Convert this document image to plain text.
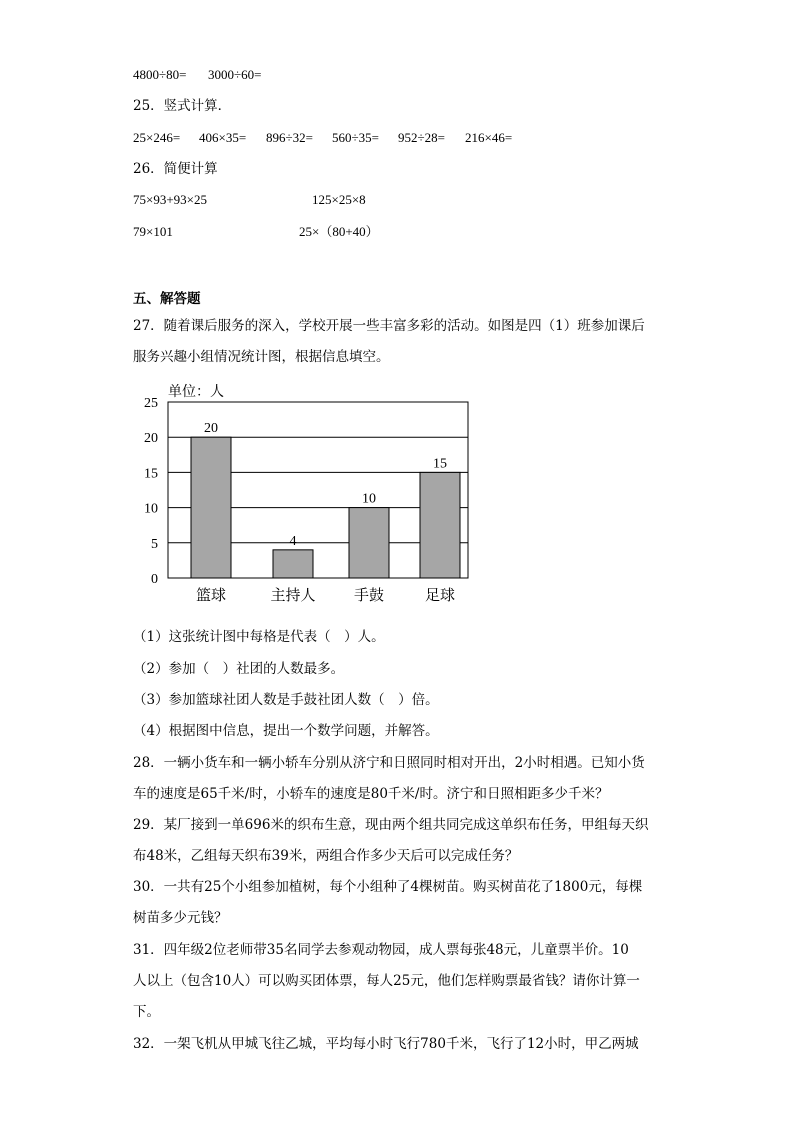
4800÷80= 3000÷60=
25．竖式计算．
25×246= 406×35= 896÷32= 560÷35= 952÷28= 216×46=
26．简便计算
75×93+93×25	125×25×8
79×101	25×（80+40）
五、解答题
27．随着课后服务的深入，学校开展一些丰富多彩的活动。如图是四（1）班参加课后
服务兴趣小组情况统计图，根据信息填空。
单位：人
0
5
10
15
20
25
20
4
10
15
篮球	主持人	手鼓	足球
（1）这张统计图中每格是代表（　）人。
（2）参加（　）社团的人数最多。
（3）参加篮球社团人数是手鼓社团人数（　）倍。
（4）根据图中信息，提出一个数学问题，并解答。
28．一辆小货车和一辆小轿车分别从济宁和日照同时相对开出，2小时相遇。已知小货
车的速度是65千米/时，小轿车的速度是80千米/时。济宁和日照相距多少千米？
29．某厂接到一单696米的织布生意，现由两个组共同完成这单织布任务，甲组每天织
布48米，乙组每天织布39米，两组合作多少天后可以完成任务？
30．一共有25个小组参加植树，每个小组种了4棵树苗。购买树苗花了1800元，每棵
树苗多少元钱？
31．四年级2位老师带35名同学去参观动物园，成人票每张48元，儿童票半价。10
人以上（包含10人）可以购买团体票，每人25元，他们怎样购票最省钱？请你计算一
下。
32．一架飞机从甲城飞往乙城，平均每小时飞行780千米，飞行了12小时，甲乙两城
